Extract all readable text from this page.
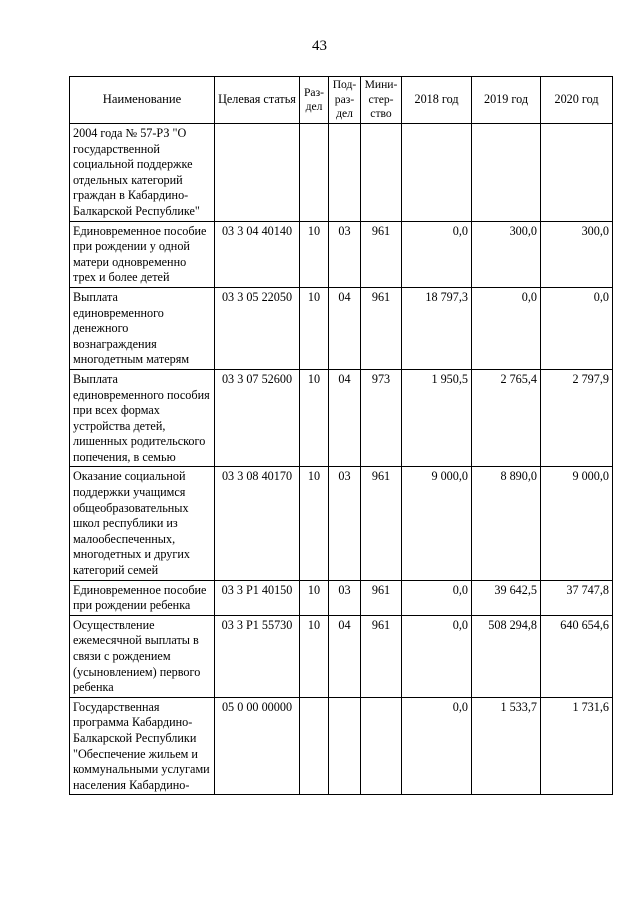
43
Наименование	Целевая статья	Раз-дел	Под-раз-дел	Мини-стер-ство	2018 год	2019 год	2020 год
2004 года № 57-РЗ "О государственной социальной поддержке отдельных категорий граждан в Кабардино-Балкарской Республике"							
Единовременное пособие при рождении у одной матери одновременно трех и более детей	03 3 04 40140	10	03	961	0,0	300,0	300,0
Выплата единовременного денежного вознаграждения многодетным матерям	03 3 05 22050	10	04	961	18 797,3	0,0	0,0
Выплата единовременного пособия при всех формах устройства детей, лишенных родительского попечения, в семью	03 3 07 52600	10	04	973	1 950,5	2 765,4	2 797,9
Оказание социальной поддержки учащимся общеобразовательных школ республики из малообеспеченных, многодетных и других категорий семей	03 3 08 40170	10	03	961	9 000,0	8 890,0	9 000,0
Единовременное пособие при рождении ребенка	03 3 P1 40150	10	03	961	0,0	39 642,5	37 747,8
Осуществление ежемесячной выплаты в связи с рождением (усыновлением) первого ребенка	03 3 P1 55730	10	04	961	0,0	508 294,8	640 654,6
Государственная программа Кабардино-Балкарской Республики "Обеспечение жильем и коммунальными услугами населения Кабардино-	05 0 00 00000				0,0	1 533,7	1 731,6
